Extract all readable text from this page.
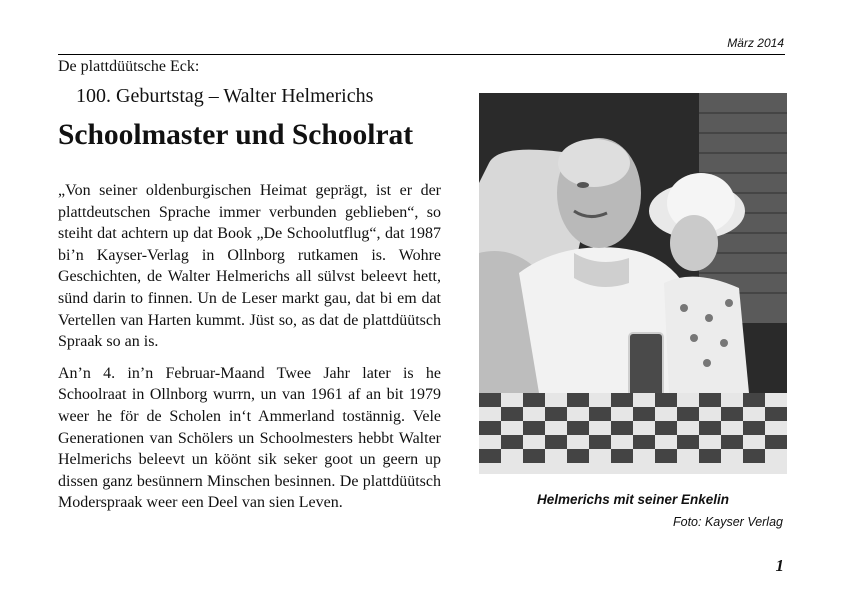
März 2014
De plattdüütsche Eck:
100. Geburtstag – Walter Helmerichs
Schoolmaster und Schoolrat

„Von seiner oldenburgischen Heimat geprägt, ist er der plattdeutschen Sprache immer verbunden geblieben“, so steiht dat achtern up dat Book „De Schoolutflug“, dat 1987 bi’n Kayser-Verlag in Ollnborg rutkamen is. Wohre Geschichten, de Walter Helmerichs all sülvst beleevt hett, sünd darin to finnen. Un de Leser markt gau, dat bi em dat Vertellen van Harten kummt. Jüst so, as dat de plattdüütsch Spraak so an is.

An’n 4. in’n Februar-Maand Twee Jahr later is he Schoolraat in Ollnborg wurrn, un van 1961 af an bit 1979 weer he för de Scholen in‘t Ammerland tostännig. Vele Generationen van Schölers un Schoolmesters hebbt Walter Helmerichs beleevt un köönt sik seker goot un geern up dissen ganz besünnern Minschen besinnen. De plattdüütsch Moderspraak weer een Deel van sien Leven.	Helmerichs mit seiner Enkelin
Foto: Kayser Verlag
1
